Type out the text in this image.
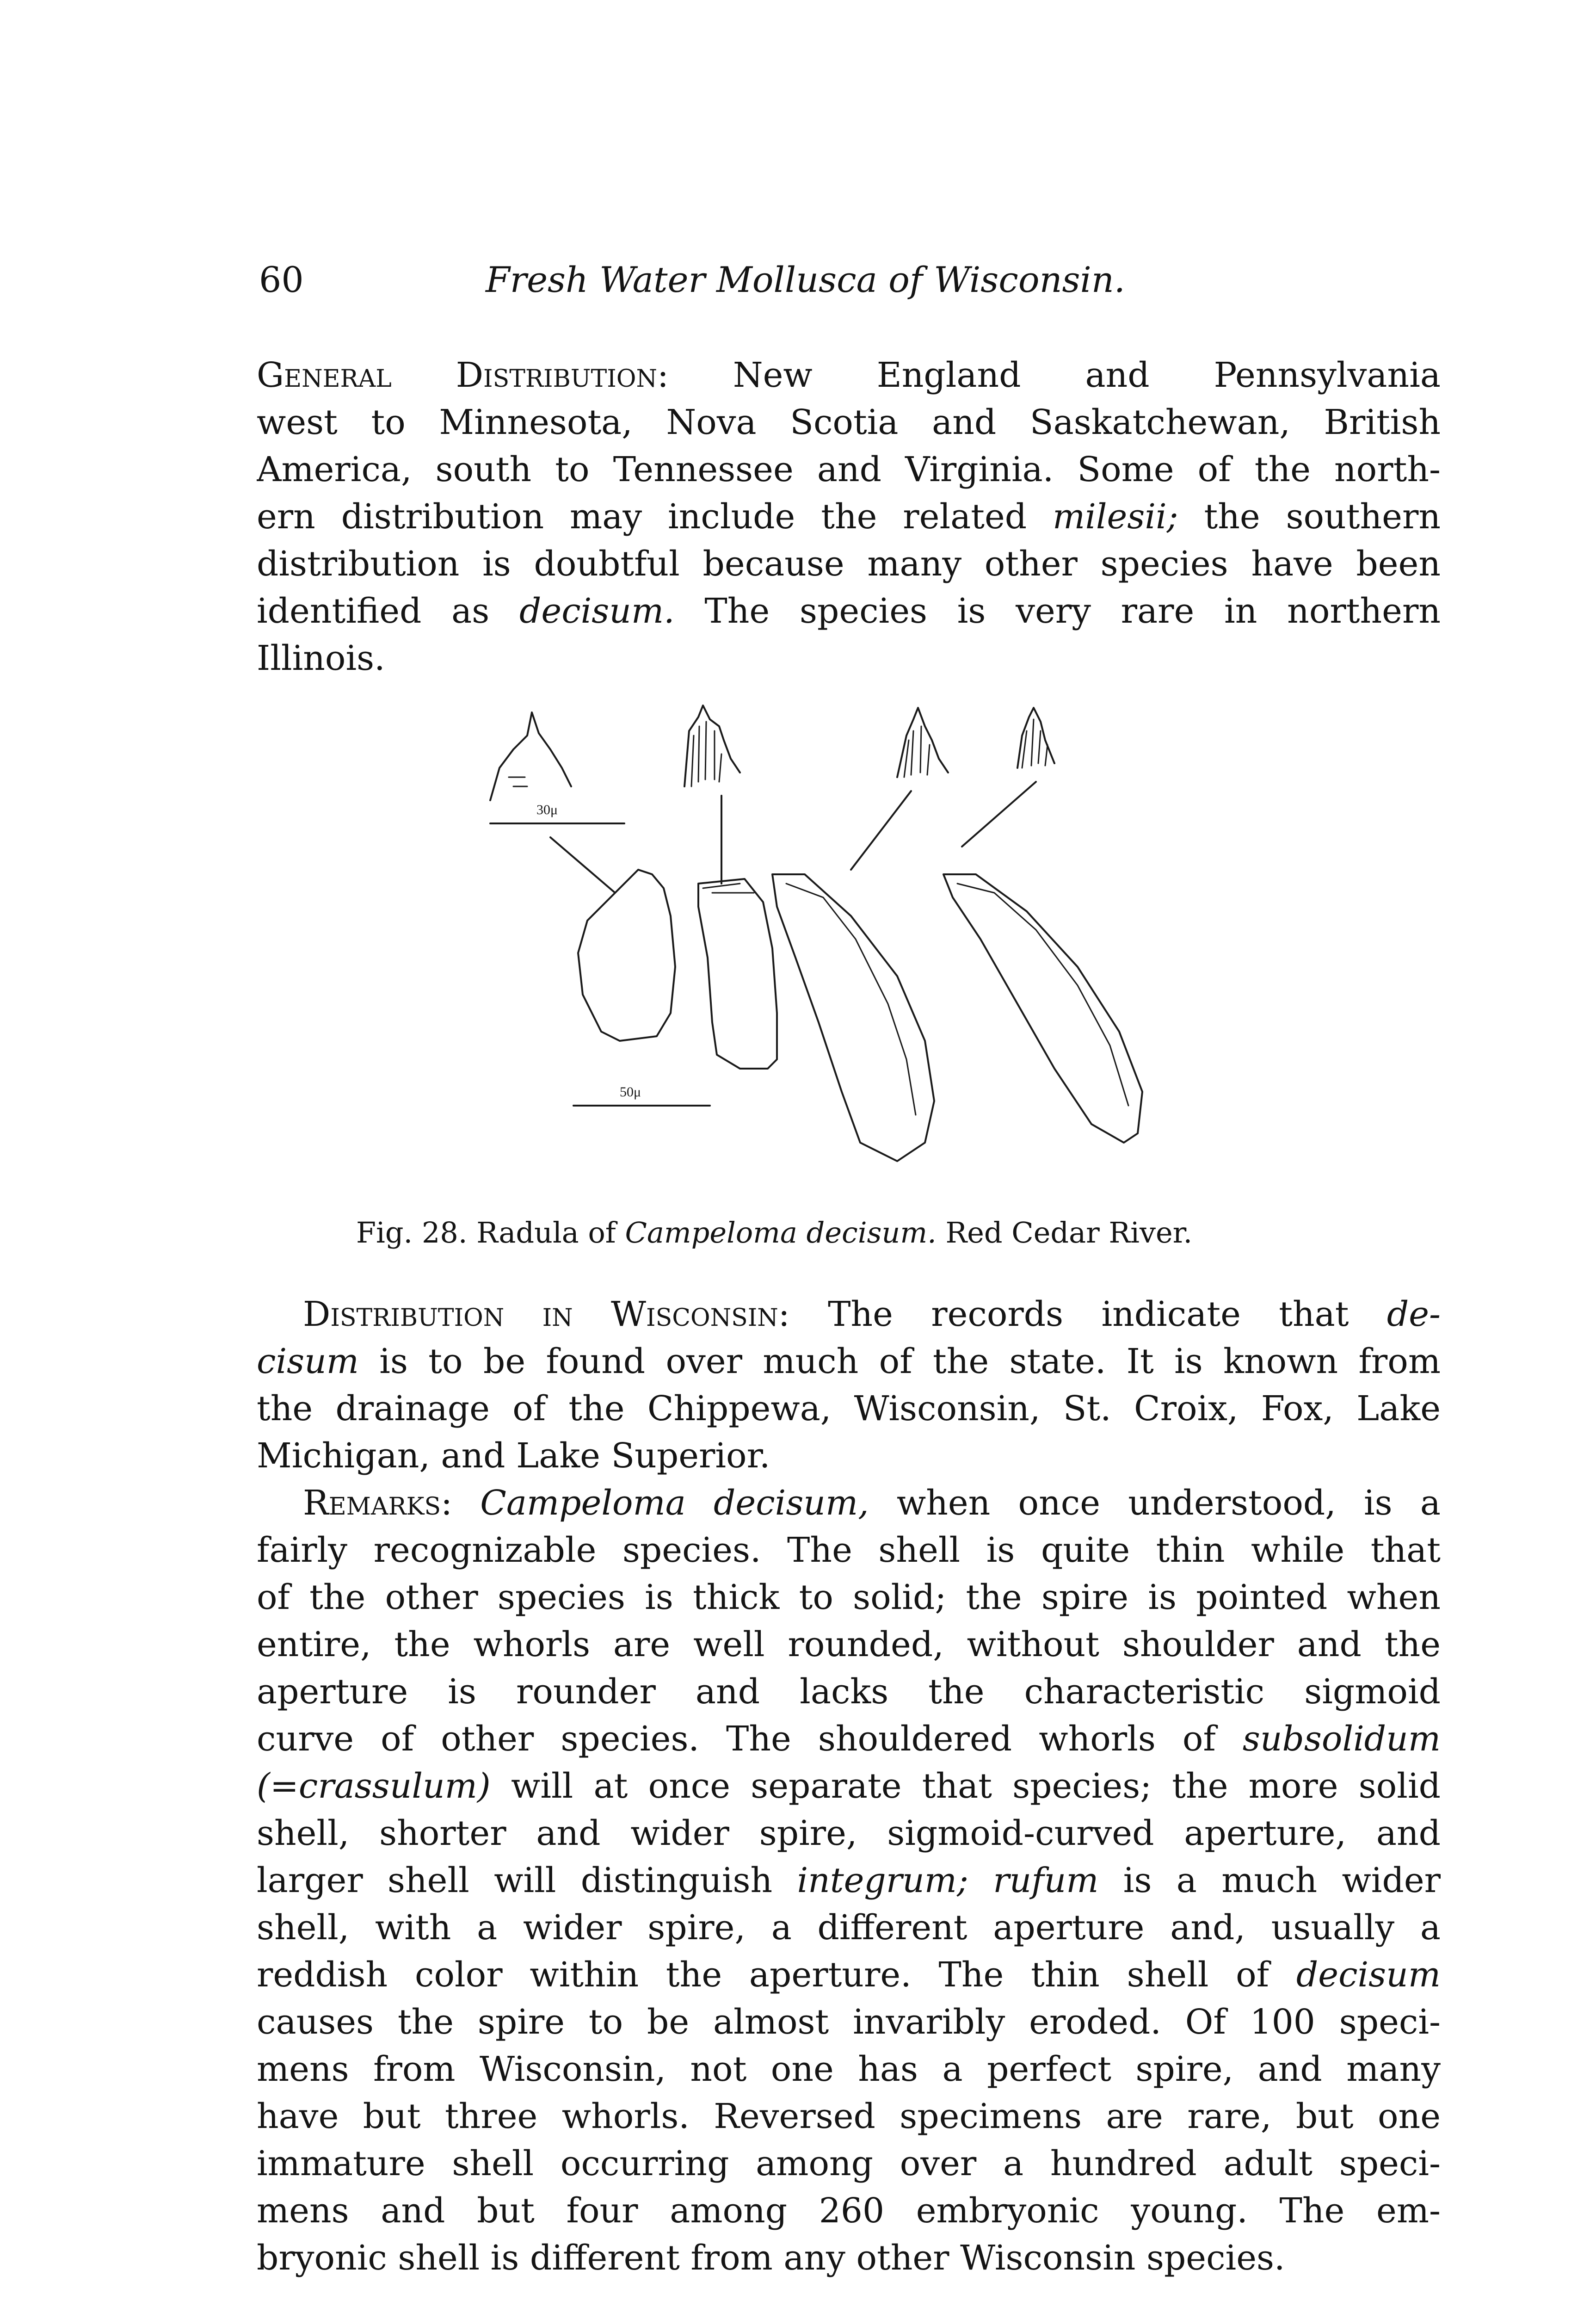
60	Fresh Water Mollusca of Wisconsin.
General Distribution: New England and Pennsylvania
west to Minnesota, Nova Scotia and Saskatchewan, British
America, south to Tennessee and Virginia. Some of the north-
ern distribution may include the related milesii; the southern
distribution is doubtful because many other species have been
identified as decisum. The species is very rare in northern
Illinois.
30μ
50μ
Fig. 28. Radula of Campeloma decisum. Red Cedar River.
Distribution in Wisconsin: The records indicate that de-
cisum is to be found over much of the state. It is known from
the drainage of the Chippewa, Wisconsin, St. Croix, Fox, Lake
Michigan, and Lake Superior.
Remarks: Campeloma decisum, when once understood, is a
fairly recognizable species. The shell is quite thin while that
of the other species is thick to solid; the spire is pointed when
entire, the whorls are well rounded, without shoulder and the
aperture is rounder and lacks the characteristic sigmoid
curve of other species. The shouldered whorls of subsolidum
(=crassulum) will at once separate that species; the more solid
shell, shorter and wider spire, sigmoid-curved aperture, and
larger shell will distinguish integrum; rufum is a much wider
shell, with a wider spire, a different aperture and, usually a
reddish color within the aperture. The thin shell of decisum
causes the spire to be almost invaribly eroded. Of 100 speci-
mens from Wisconsin, not one has a perfect spire, and many
have but three whorls. Reversed specimens are rare, but one
immature shell occurring among over a hundred adult speci-
mens and but four among 260 embryonic young. The em-
bryonic shell is different from any other Wisconsin species.
